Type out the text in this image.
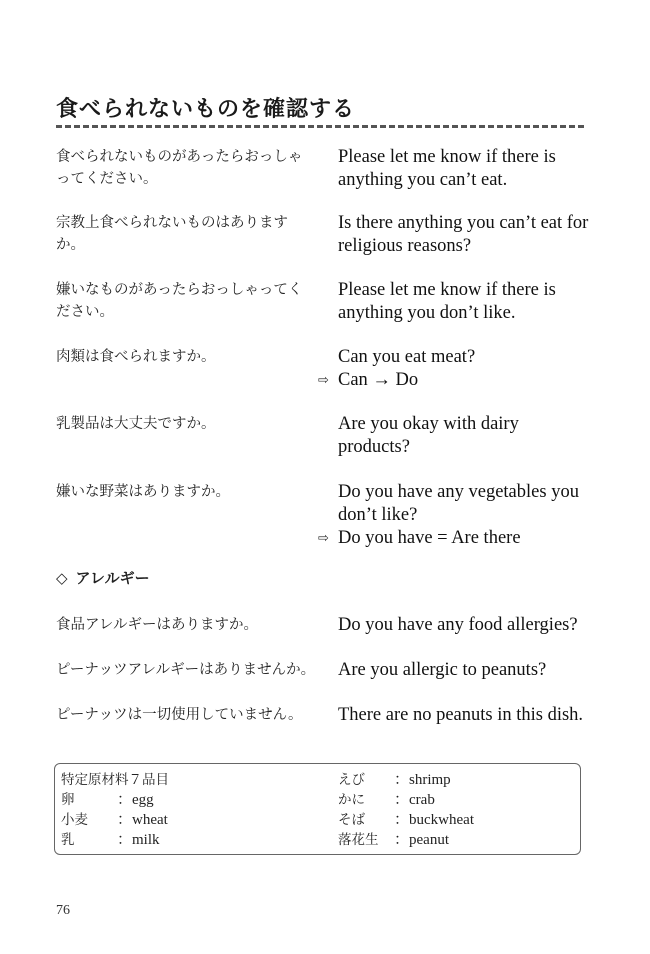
食べられないものを確認する
食べられないものがあったらおっしゃってください。
Please let me know if there is anything you can’t eat.
宗教上食べられないものはありますか。
Is there anything you can’t eat for religious reasons?
嫌いなものがあったらおっしゃってください。
Please let me know if there is anything you don’t like.
肉類は食べられますか。	Can you eat meat?
⇨ Can → Do
乳製品は大丈夫ですか。	Are you okay with dairy products?
嫌いな野菜はありますか。	Do you have any vegetables you don’t like?
⇨ Do you have = Are there
◇ アレルギー
食品アレルギーはありますか。	Do you have any food allergies?
ピーナッツアレルギーはありませんか。	Are you allergic to peanuts?
ピーナッツは一切使用していません。 There are no peanuts in this dish.
特定原材料７品目
卵	：egg
小麦 ：wheat
乳	：milk
えび ：shrimp
かに ：crab
そば ：buckwheat
落花生 ：peanut
76
